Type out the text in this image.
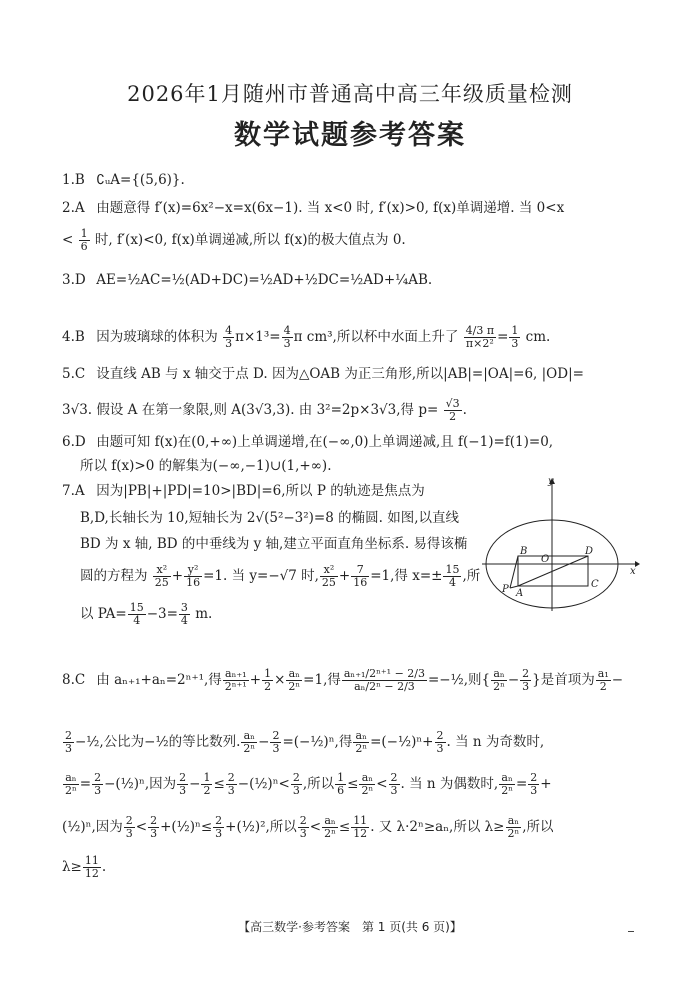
2026年1月随州市普通高中高三年级质量检测
数学试题参考答案
1.B ∁ᵤA={(5,6)}.
2.A 由题意得 f′(x)=6x²−x=x(6x−1). 当 x<0 时, f′(x)>0, f(x)单调递增. 当 0<x
< $\frac{1}{6}$ 时, f′(x)<0, f(x)单调递减,所以 f(x)的极大值点为 0.
3.D AE=½AC=½(AD+DC)=½AD+½DC=½AD+¼AB.
4.B 因为玻璃球的体积为 $\frac{4}{3} \pi\times 1^3= \frac{4}{3}$ π cm³,所以杯中水面上升了 $\frac{4/3 \pi}{\text{π×2²}} = \frac{1}{3}$ cm.
5.C 设直线 AB 与 x 轴交于点 D. 因为△OAB 为正三角形,所以|AB|=|OA|=6, |OD|=
3√3. 假设 A 在第一象限,则 A(3√3,3). 由 3²=2p×3√3,得 $p= \frac{√3}{2}$ .
6.D 由题可知 f(x)在(0,+∞)上单调递增,在(−∞,0)上单调递减,且 f(−1)=f(1)=0,
所以 f(x)>0 的解集为(−∞,−1)∪(1,+∞).
7.A 因为|PB|+|PD|=10>|BD|=6,所以 P 的轨迹是焦点为
B,D,长轴长为 10,短轴长为 2√(5²−3²)=8 的椭圆. 如图,以直线
BD 为 x 轴, BD 的中垂线为 y 轴,建立平面直角坐标系. 易得该椭
圆的方程为 $\frac{\text{x²}}{25} + \frac{\text{y²}}{16} =1$. 当 y=−√7 时, $\frac{\text{x²}}{25} + \frac{7}{16} =1$,得 $x=\pm \frac{15}{4}$ ,所
以 $PA= \frac{15}{4} -3= \frac{3}{4} m$.
y
x
O
B	D
C
P A
8.C 由 aₙ₊₁+aₙ=2ⁿ⁺¹,得 $\frac{\text{aₙ₊₁}}{\text{2ⁿ⁺¹}} + \frac{1}{2} \times \frac{\text{aₙ}}{\text{2ⁿ}} =1$,得 $\frac{\text{aₙ₊₁/2ⁿ⁺¹ − 2/3}}{\text{aₙ/2ⁿ − 2/3}}$ =−½,则{ $\frac{\text{aₙ}}{\text{2ⁿ}} - \frac{2}{3}$ }是首项为 $\frac{\text{a₁}}{2}$ −
$\frac{2}{3}$ −½,公比为−½的等比数列. $\frac{\text{aₙ}}{\text{2ⁿ}} - \frac{2}{3}$ =(−½)ⁿ,得 $\frac{\text{aₙ}}{\text{2ⁿ}}$ =(−½)ⁿ+ $\frac{2}{3}$ . 当 n 为奇数时,
$\frac{\text{aₙ}}{\text{2ⁿ}} = \frac{2}{3}$ −(½)ⁿ,因为 $\frac{2}{3} - \frac{1}{2} \le \frac{2}{3}$ −(½)ⁿ< $\frac{2}{3}$ ,所以 $\frac{1}{6} \le \frac{\text{aₙ}}{\text{2ⁿ}} < \frac{2}{3}$ . 当 n 为偶数时, $\frac{\text{aₙ}}{\text{2ⁿ}} = \frac{2}{3}$ +
(½)ⁿ,因为 $\frac{2}{3} < \frac{2}{3}$ +(½)ⁿ≤ $\frac{2}{3}$ +(½)²,所以 $\frac{2}{3} < \frac{\text{aₙ}}{\text{2ⁿ}} \le \frac{11}{12}$ . 又 λ·2ⁿ≥aₙ,所以 $\lambda\ge \frac{\text{aₙ}}{\text{2ⁿ}}$ ,所以
$\lambda\ge \frac{11}{12}$ .
【高三数学·参考答案　第 1 页(共 6 页)】
